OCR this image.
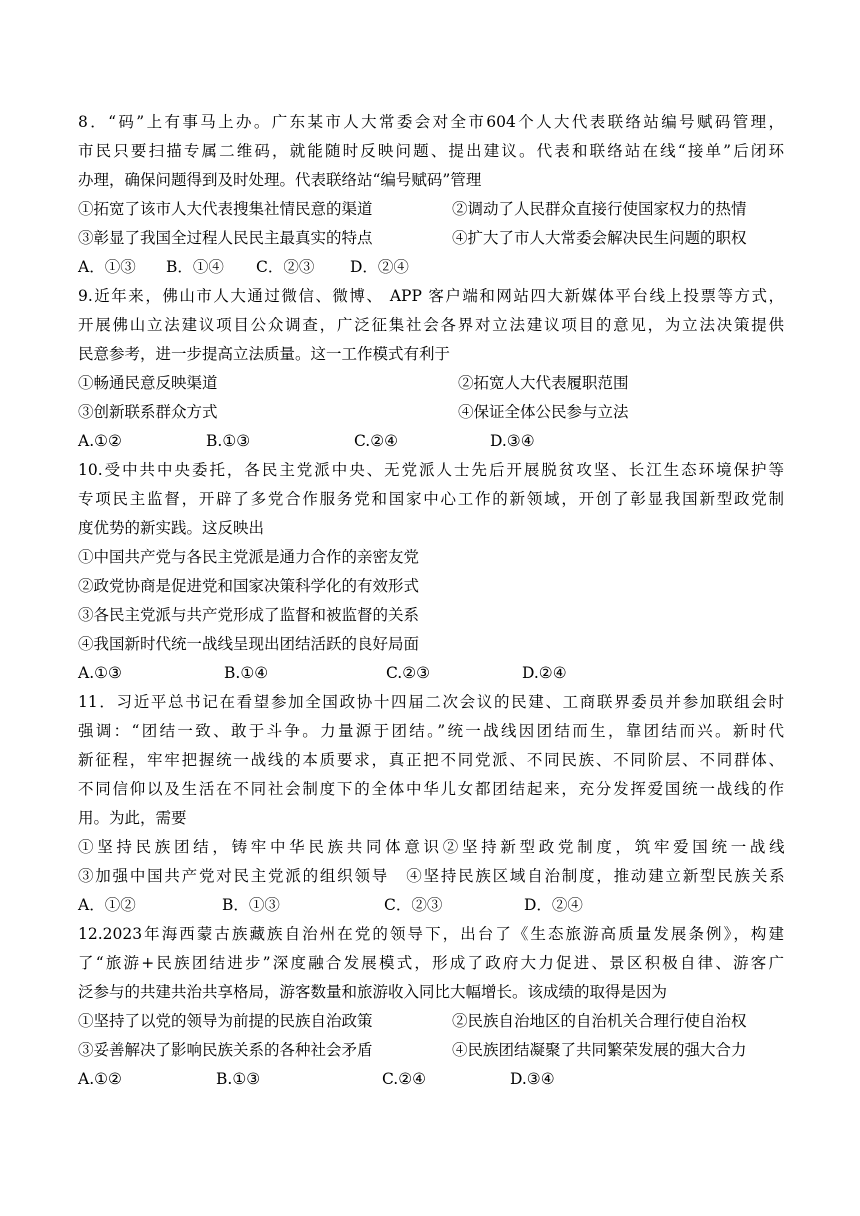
8．“码”上有事马上办。广东某市人大常委会对全市604个人大代表联络站编号赋码管理，
市民只要扫描专属二维码，就能随时反映问题、提出建议。代表和联络站在线“接单”后闭环
办理，确保问题得到及时处理。代表联络站“编号赋码”管理
①拓宽了该市人大代表搜集社情民意的渠道	②调动了人民群众直接行使国家权力的热情
③彰显了我国全过程人民民主最真实的特点	④扩大了市人大常委会解决民生问题的职权
A．①③	B．①④	C．②③	D．②④
9.近年来，佛山市人大通过微信、微博、 APP 客户端和网站四大新媒体平台线上投票等方式，
开展佛山立法建议项目公众调查，广泛征集社会各界对立法建议项目的意见，为立法决策提供
民意参考，进一步提高立法质量。这一工作模式有利于
①畅通民意反映渠道	②拓宽人大代表履职范围
③创新联系群众方式	④保证全体公民参与立法
A.①②	B.①③	C.②④	D.③④
10.受中共中央委托，各民主党派中央、无党派人士先后开展脱贫攻坚、长江生态环境保护等
专项民主监督，开辟了多党合作服务党和国家中心工作的新领域，开创了彰显我国新型政党制
度优势的新实践。这反映出
①中国共产党与各民主党派是通力合作的亲密友党
②政党协商是促进党和国家决策科学化的有效形式
③各民主党派与共产党形成了监督和被监督的关系
④我国新时代统一战线呈现出团结活跃的良好局面
A.①③	B.①④	C.②③	D.②④
11．习近平总书记在看望参加全国政协十四届二次会议的民建、工商联界委员并参加联组会时
强调：“团结一致、敢于斗争。力量源于团结。”统一战线因团结而生，靠团结而兴。新时代
新征程，牢牢把握统一战线的本质要求，真正把不同党派、不同民族、不同阶层、不同群体、
不同信仰以及生活在不同社会制度下的全体中华儿女都团结起来，充分发挥爱国统一战线的作
用。为此，需要
①坚持民族团结，铸牢中华民族共同体意识②坚持新型政党制度，筑牢爱国统一战线
③加强中国共产党对民主党派的组织领导　④坚持民族区域自治制度，推动建立新型民族关系
A．①②	B．①③	C．②③	D．②④
12.2023年海西蒙古族藏族自治州在党的领导下，出台了《生态旅游高质量发展条例》，构建
了“旅游+民族团结进步”深度融合发展模式，形成了政府大力促进、景区积极自律、游客广
泛参与的共建共治共享格局，游客数量和旅游收入同比大幅增长。该成绩的取得是因为
①坚持了以党的领导为前提的民族自治政策	②民族自治地区的自治机关合理行使自治权
③妥善解决了影响民族关系的各种社会矛盾	④民族团结凝聚了共同繁荣发展的强大合力
A.①②	B.①③	C.②④	D.③④
